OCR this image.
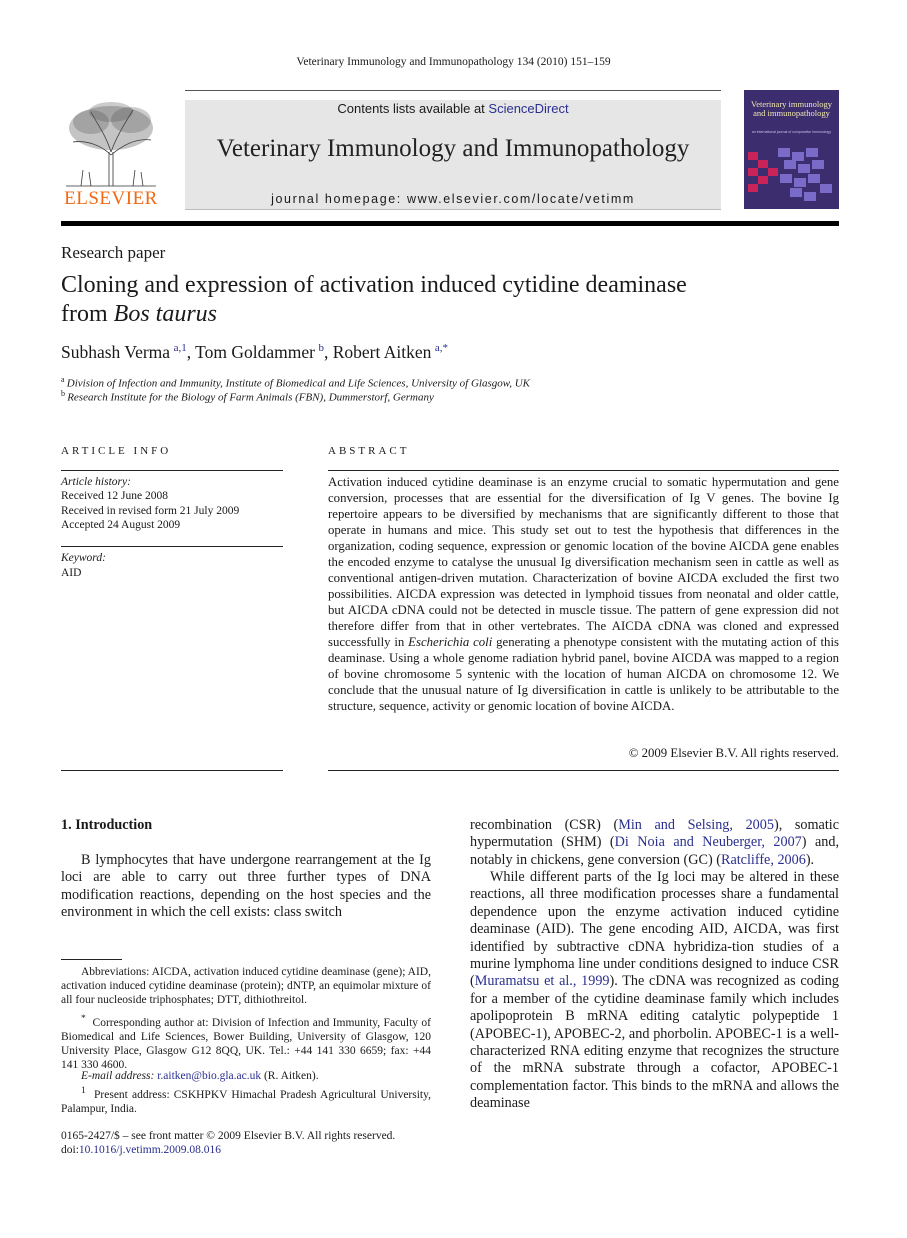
Veterinary Immunology and Immunopathology 134 (2010) 151–159
ELSEVIER
Contents lists available at ScienceDirect
Veterinary Immunology and Immunopathology
journal homepage: www.elsevier.com/locate/vetimm
Veterinary immunology and immunopathology
an international journal of comparative immunology
Research paper
Cloning and expression of activation induced cytidine deaminase
from Bos taurus
Subhash Verma  $^{a,1}$, Tom Goldammer  $^b$, Robert Aitken  $^{a,*}$
$^a$  Division of Infection and Immunity, Institute of Biomedical and Life Sciences, University of Glasgow, UK
$^b$  Research Institute for the Biology of Farm Animals (FBN), Dummerstorf, Germany
ARTICLE INFO
Article history:
Received 12 June 2008
Received in revised form 21 July 2009
Accepted 24 August 2009
Keyword:
AID
ABSTRACT
Activation induced cytidine deaminase is an enzyme crucial to somatic hypermutation and gene conversion, processes that are essential for the diversification of Ig V genes. The bovine Ig repertoire appears to be diversified by mechanisms that are significantly different to those that operate in humans and mice. This study set out to test the hypothesis that differences in the organization, coding sequence, expression or genomic location of the bovine AICDA gene enables the encoded enzyme to catalyse the unusual Ig diversification mechanism seen in cattle as well as conventional antigen-driven mutation. Characterization of bovine AICDA excluded the first two possibilities. AICDA expression was detected in lymphoid tissues from neonatal and older cattle, but AICDA cDNA could not be detected in muscle tissue. The pattern of gene expression did not therefore differ from that in other vertebrates. The AICDA cDNA was cloned and expressed successfully in Escherichia coli generating a phenotype consistent with the mutating action of this deaminase. Using a whole genome radiation hybrid panel, bovine AICDA was mapped to a region of bovine chromosome 5 syntenic with the location of human AICDA on chromosome 12. We conclude that the unusual nature of Ig diversification in cattle is unlikely to be attributable to the structure, sequence, activity or genomic location of bovine AICDA.
© 2009 Elsevier B.V. All rights reserved.
1. Introduction
B lymphocytes that have undergone rearrangement at the Ig loci are able to carry out three further types of DNA modification reactions, depending on the host species and the environment in which the cell exists: class switch
Abbreviations: AICDA, activation induced cytidine deaminase (gene); AID, activation induced cytidine deaminase (protein); dNTP, an equimolar mixture of all four nucleoside triphosphates; DTT, dithiothreitol.
* Corresponding author at: Division of Infection and Immunity, Faculty of Biomedical and Life Sciences, Bower Building, University of Glasgow, 120 University Place, Glasgow G12 8QQ, UK. Tel.: +44 141 330 6659; fax: +44 141 330 4600.
E-mail address: r.aitken@bio.gla.ac.uk (R. Aitken).
$^1$ Present address: CSKHPKV Himachal Pradesh Agricultural University, Palampur, India.
0165-2427/$ – see front matter © 2009 Elsevier B.V. All rights reserved.
doi:10.1016/j.vetimm.2009.08.016
recombination (CSR) (Min and Selsing, 2005), somatic hypermutation (SHM) (Di Noia and Neuberger, 2007) and, notably in chickens, gene conversion (GC) (Ratcliffe, 2006).
While different parts of the Ig loci may be altered in these reactions, all three modification processes share a fundamental dependence upon the enzyme activation induced cytidine deaminase (AID). The gene encoding AID, AICDA, was first identified by subtractive cDNA hybridiza-tion studies of a murine lymphoma line under conditions designed to induce CSR (Muramatsu et al., 1999). The cDNA was recognized as coding for a member of the cytidine deaminase family which includes apolipoprotein B mRNA editing catalytic polypeptide 1 (APOBEC-1), APOBEC-2, and phorbolin. APOBEC-1 is a well-characterized RNA editing enzyme that recognizes the structure of the mRNA substrate through a cofactor, APOBEC-1 complementation factor. This binds to the mRNA and allows the deaminase
